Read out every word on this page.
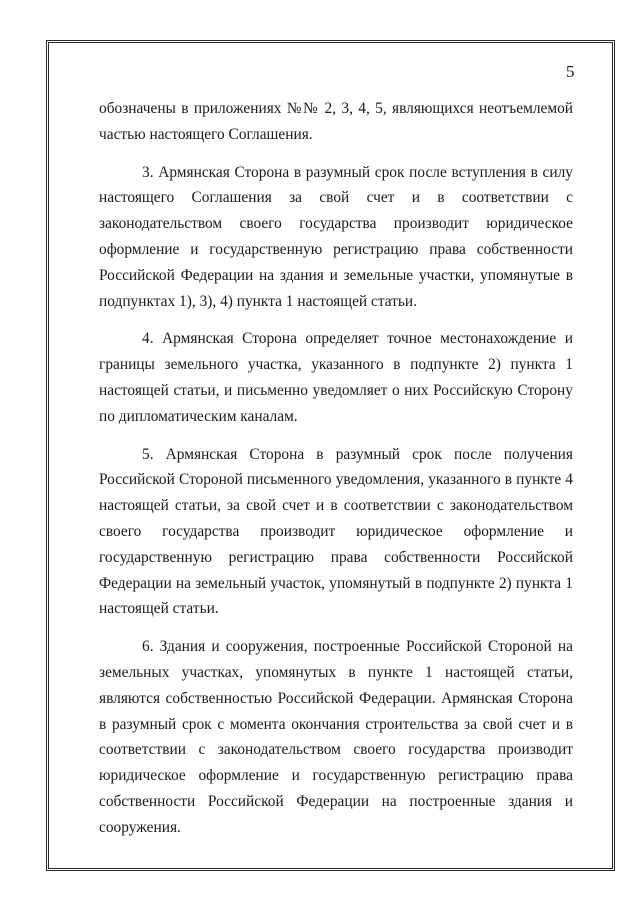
5

обозначены в приложениях №№ 2, 3, 4, 5, являющихся неотъемлемой частью настоящего Соглашения.

3. Армянская Сторона в разумный срок после вступления в силу настоящего Соглашения за свой счет и в соответствии с законодательством своего государства производит юридическое оформление и государственную регистрацию права собственности Российской Федерации на здания и земельные участки, упомянутые в подпунктах 1), 3), 4) пункта 1 настоящей статьи.

4. Армянская Сторона определяет точное местонахождение и границы земельного участка, указанного в подпункте 2) пункта 1 настоящей статьи, и письменно уведомляет о них Российскую Сторону по дипломатическим каналам.

5. Армянская Сторона в разумный срок после получения Российской Стороной письменного уведомления, указанного в пункте 4 настоящей статьи, за свой счет и в соответствии с законодательством своего государства производит юридическое оформление и государственную регистрацию права собственности Российской Федерации на земельный участок, упомянутый в подпункте 2) пункта 1 настоящей статьи.

6. Здания и сооружения, построенные Российской Стороной на земельных участках, упомянутых в пункте 1 настоящей статьи, являются собственностью Российской Федерации. Армянская Сторона в разумный срок с момента окончания строительства за свой счет и в соответствии с законодательством своего государства производит юридическое оформление и государственную регистрацию права собственности Российской Федерации на построенные здания и сооружения.
